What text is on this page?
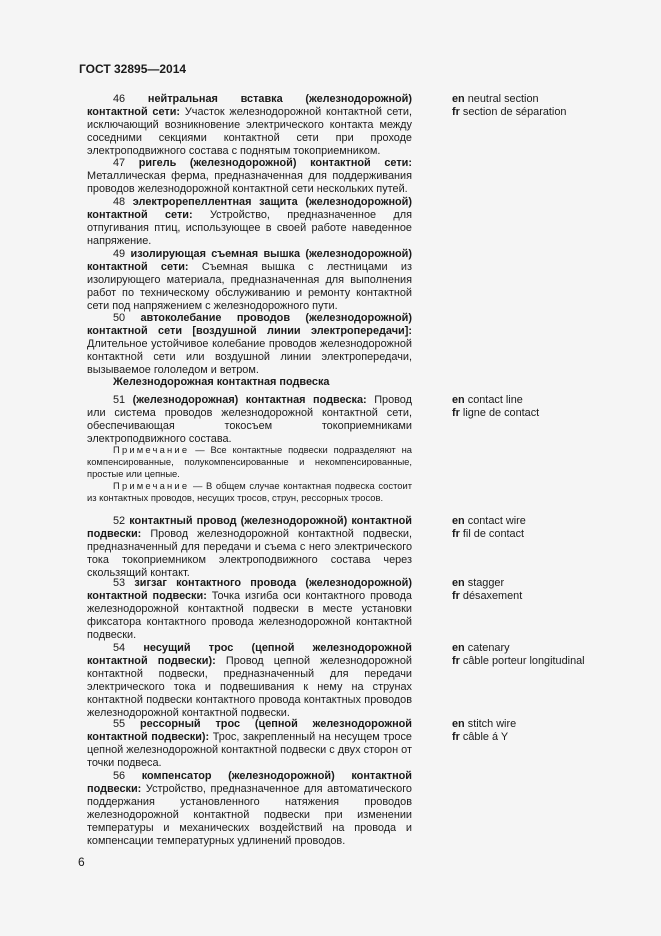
ГОСТ 32895—2014

46 нейтральная вставка (железнодорожной) контактной сети: Участок железнодорожной контактной сети, исключающий возникновение электрического контакта между соседними секциями контактной сети при проходе электроподвижного состава с поднятым токоприемником.

47 ригель (железнодорожной) контактной сети: Металлическая ферма, предназначенная для поддерживания проводов железнодорожной контактной сети нескольких путей.

48 электрорепеллентная защита (железнодорожной) контактной сети: Устройство, предназначенное для отпугивания птиц, использующее в своей работе наведенное напряжение.

49 изолирующая съемная вышка (железнодорожной) контактной сети: Съемная вышка с лестницами из изолирующего материала, предназначенная для выполнения работ по техническому обслуживанию и ремонту контактной сети под напряжением с железнодорожного пути.

50 автоколебание проводов (железнодорожной) контактной сети [воздушной линии электропередачи]: Длительное устойчивое колебание проводов железнодорожной контактной сети или воздушной линии электропередачи, вызываемое гололедом и ветром.

Железнодорожная контактная подвеска

51 (железнодорожная) контактная подвеска: Провод или система проводов железнодорожной контактной сети, обеспечивающая токосъем токоприемниками электроподвижного состава.

Примечание — Все контактные подвески подразделяют на компенсированные, полукомпенсированные и некомпенсированные, простые или цепные.

Примечание — В общем случае контактная подвеска состоит из контактных проводов, несущих тросов, струн, рессорных тросов.

52 контактный провод (железнодорожной) контактной подвески: Провод железнодорожной контактной подвески, предназначенный для передачи и съема с него электрического тока токоприемником электроподвижного состава через скользящий контакт.

53 зигзаг контактного провода (железнодорожной) контактной подвески: Точка изгиба оси контактного провода железнодорожной контактной подвески в месте установки фиксатора контактного провода железнодорожной контактной подвески.

54 несущий трос (цепной железнодорожной контактной подвески): Провод цепной железнодорожной контактной подвески, предназначенный для передачи электрического тока и подвешивания к нему на струнах контактной подвески контактного провода контактных проводов железнодорожной контактной подвески.

55 рессорный трос (цепной железнодорожной контактной подвески): Трос, закрепленный на несущем тросе цепной железнодорожной контактной подвески с двух сторон от точки подвеса.

56 компенсатор (железнодорожной) контактной подвески: Устройство, предназначенное для автоматического поддержания установленного натяжения проводов железнодорожной контактной подвески при изменении температуры и механических воздействий на провода и компенсации температурных удлинений проводов.

en neutral section
fr section de séparation
en contact line
fr ligne de contact
en contact wire
fr fil de contact
en stagger
fr désaxement
en catenary
fr câble porteur longitudinal
en stitch wire
fr câble á Y
6
